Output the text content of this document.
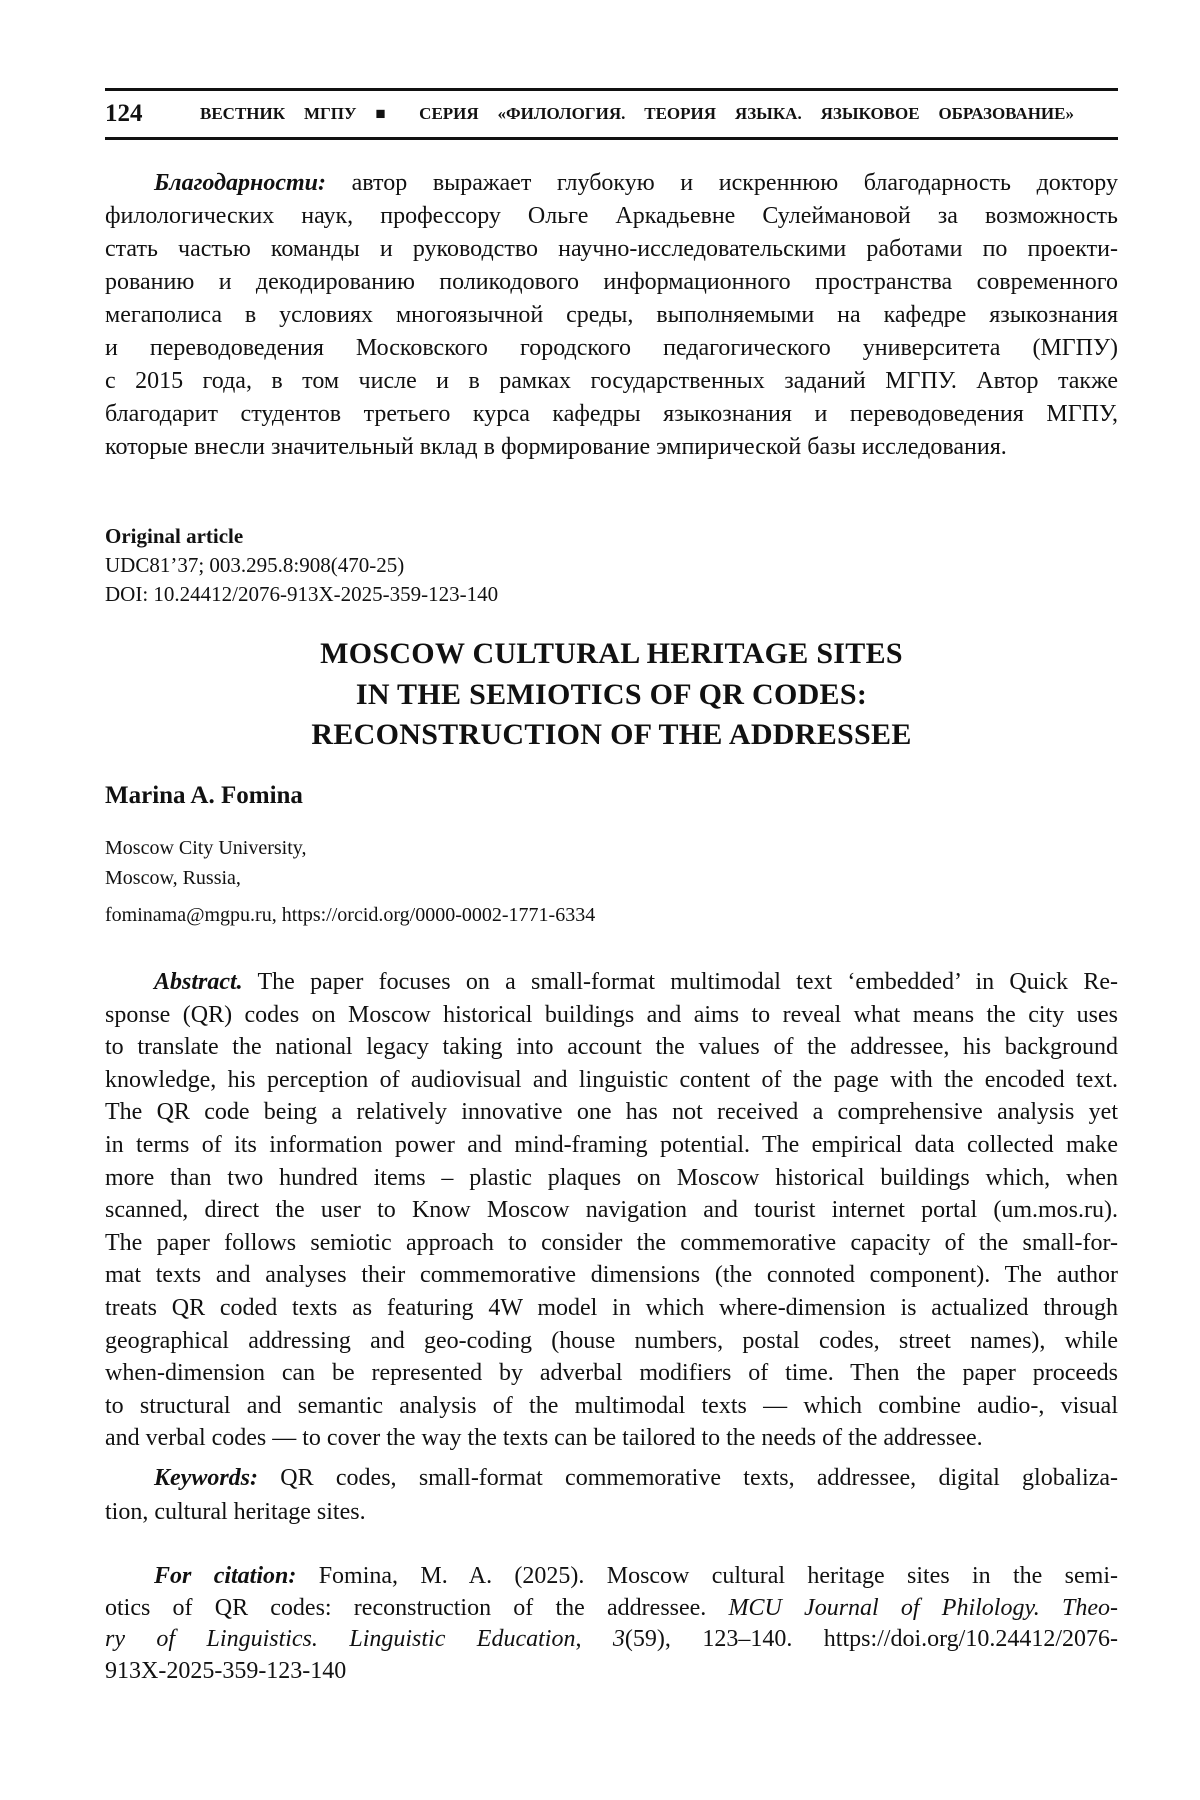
124	ВЕСТНИК МГПУ ■ СЕРИЯ «ФИЛОЛОГИЯ. ТЕОРИЯ ЯЗЫКА. ЯЗЫКОВОЕ ОБРАЗОВАНИЕ»
Благодарности: автор выражает глубокую и искреннюю благодарность доктору
филологических наук, профессору Ольге Аркадьевне Сулеймановой за возможность
стать частью команды и руководство научно-исследовательскими работами по проекти-
рованию и декодированию поликодового информационного пространства современного
мегаполиса в условиях многоязычной среды, выполняемыми на кафедре языкознания
и переводоведения Московского городского педагогического университета (МГПУ)
с 2015 года, в том числе и в рамках государственных заданий МГПУ. Автор также
благодарит студентов третьего курса кафедры языкознания и переводоведения МГПУ,
которые внесли значительный вклад в формирование эмпирической базы исследования.
Original article
UDC81’37; 003.295.8:908(470-25)
DOI: 10.24412/2076-913X-2025-359-123-140
MOSCOW CULTURAL HERITAGE SITES
IN THE SEMIOTICS OF QR CODES:
RECONSTRUCTION OF THE ADDRESSEE
Marina A. Fomina
Moscow City University,
Moscow, Russia,
fominama@mgpu.ru, https://orcid.org/0000-0002-1771-6334
Abstract. The paper focuses on a small-format multimodal text ‘embedded’ in Quick Re-
sponse (QR) codes on Moscow historical buildings and aims to reveal what means the city uses
to translate the national legacy taking into account the values of the addressee, his background
knowledge, his perception of audiovisual and linguistic content of the page with the encoded text.
The QR code being a relatively innovative one has not received a comprehensive analysis yet
in terms of its information power and mind-framing potential. The empirical data collected make
more than two hundred items – plastic plaques on Moscow historical buildings which, when
scanned, direct the user to Know Moscow navigation and tourist internet portal (um.mos.ru).
The paper follows semiotic approach to consider the commemorative capacity of the small-for-
mat texts and analyses their commemorative dimensions (the connoted component). The author
treats QR coded texts as featuring 4W model in which where-dimension is actualized through
geographical addressing and geo-coding (house numbers, postal codes, street names), while
when-dimension can be represented by adverbal modifiers of time. Then the paper proceeds
to structural and semantic analysis of the multimodal texts — which combine audio-, visual
and verbal codes — to cover the way the texts can be tailored to the needs of the addressee.
Keywords: QR codes, small-format commemorative texts, addressee, digital globaliza-
tion, cultural heritage sites.
For citation: Fomina, M. A. (2025). Moscow cultural heritage sites in the semi-
otics of QR codes: reconstruction of the addressee. MCU Journal of Philology. Theo-
ry of Linguistics. Linguistic Education, 3(59), 123–140. https://doi.org/10.24412/2076-
913X-2025-359-123-140
